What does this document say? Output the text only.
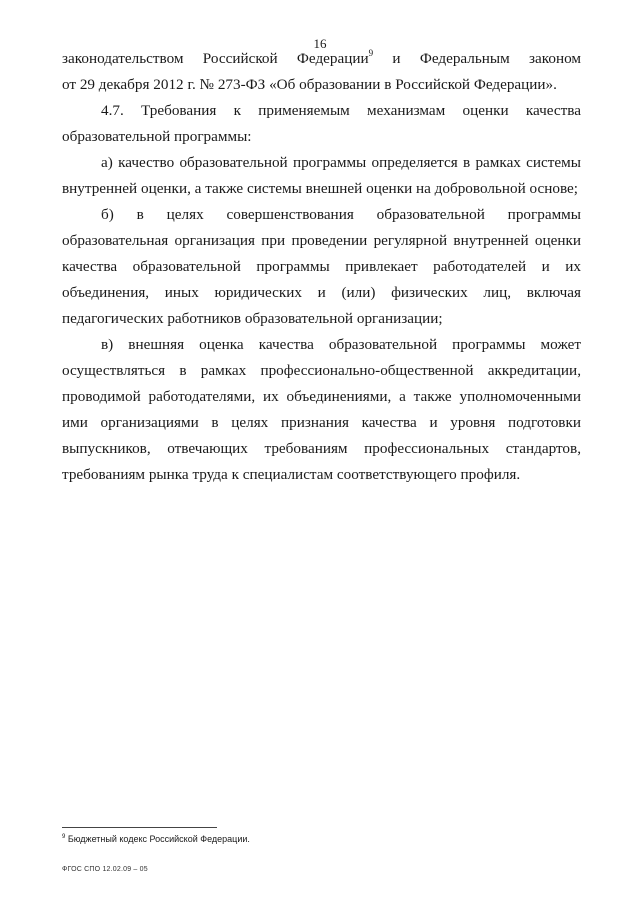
16
законодательством Российской Федерации$^9$ и Федеральным законом
от 29 декабря 2012 г. № 273-ФЗ «Об образовании в Российской Федерации».
4.7. Требования к применяемым механизмам оценки качества
образовательной программы:
а) качество образовательной программы определяется в рамках системы
внутренней оценки, а также системы внешней оценки на добровольной основе;
б) в целях совершенствования образовательной программы
образовательная организация при проведении регулярной внутренней оценки
качества образовательной программы привлекает работодателей и их
объединения, иных юридических и (или) физических лиц, включая
педагогических работников образовательной организации;
в) внешняя оценка качества образовательной программы может
осуществляться в рамках профессионально-общественной аккредитации,
проводимой работодателями, их объединениями, а также уполномоченными
ими организациями в целях признания качества и уровня подготовки
выпускников, отвечающих требованиям профессиональных стандартов,
требованиям рынка труда к специалистам соответствующего профиля.
$^9$ Бюджетный кодекс Российской Федерации.
ФГОС СПО 12.02.09 – 05
